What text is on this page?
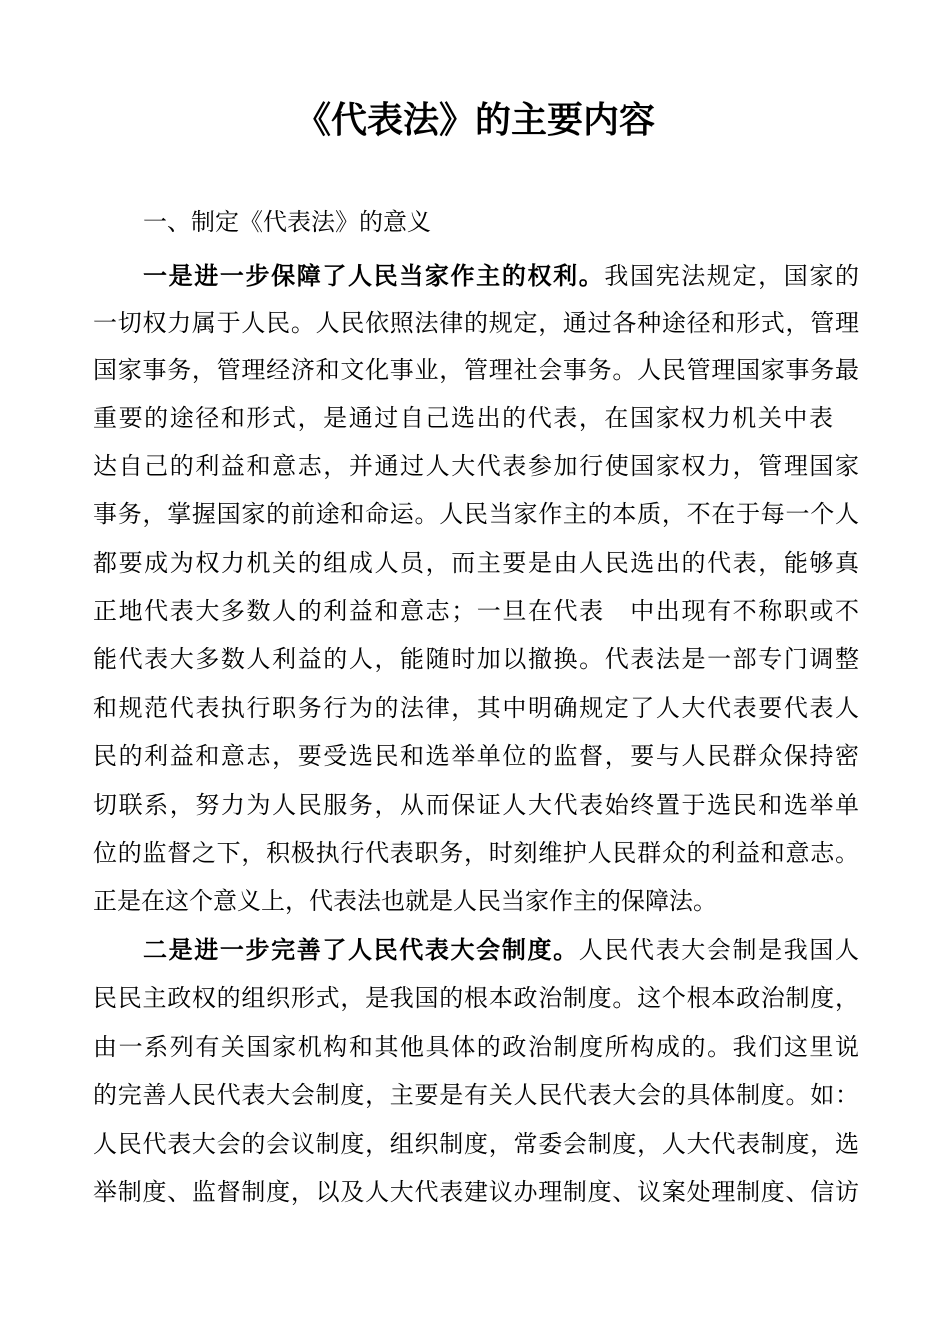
《代表法》的主要内容
一、制定《代表法》的意义
一是进一步保障了人民当家作主的权利。我国宪法规定，国家的
一切权力属于人民。人民依照法律的规定，通过各种途径和形式，管理
国家事务，管理经济和文化事业，管理社会事务。人民管理国家事务最
重要的途径和形式，是通过自己选出的代表，在国家权力机关中表
达自己的利益和意志，并通过人大代表参加行使国家权力，管理国家
事务，掌握国家的前途和命运。人民当家作主的本质，不在于每一个人
都要成为权力机关的组成人员，而主要是由人民选出的代表，能够真
正地代表大多数人的利益和意志；一旦在代表　中出现有不称职或不
能代表大多数人利益的人，能随时加以撤换。代表法是一部专门调整
和规范代表执行职务行为的法律，其中明确规定了人大代表要代表人
民的利益和意志，要受选民和选举单位的监督，要与人民群众保持密
切联系，努力为人民服务，从而保证人大代表始终置于选民和选举单
位的监督之下，积极执行代表职务，时刻维护人民群众的利益和意志。
正是在这个意义上，代表法也就是人民当家作主的保障法。
二是进一步完善了人民代表大会制度。人民代表大会制是我国人
民民主政权的组织形式，是我国的根本政治制度。这个根本政治制度，
由一系列有关国家机构和其他具体的政治制度所构成的。我们这里说
的完善人民代表大会制度，主要是有关人民代表大会的具体制度。如：
人民代表大会的会议制度，组织制度，常委会制度，人大代表制度，选
举制度、监督制度，以及人大代表建议办理制度、议案处理制度、信访
